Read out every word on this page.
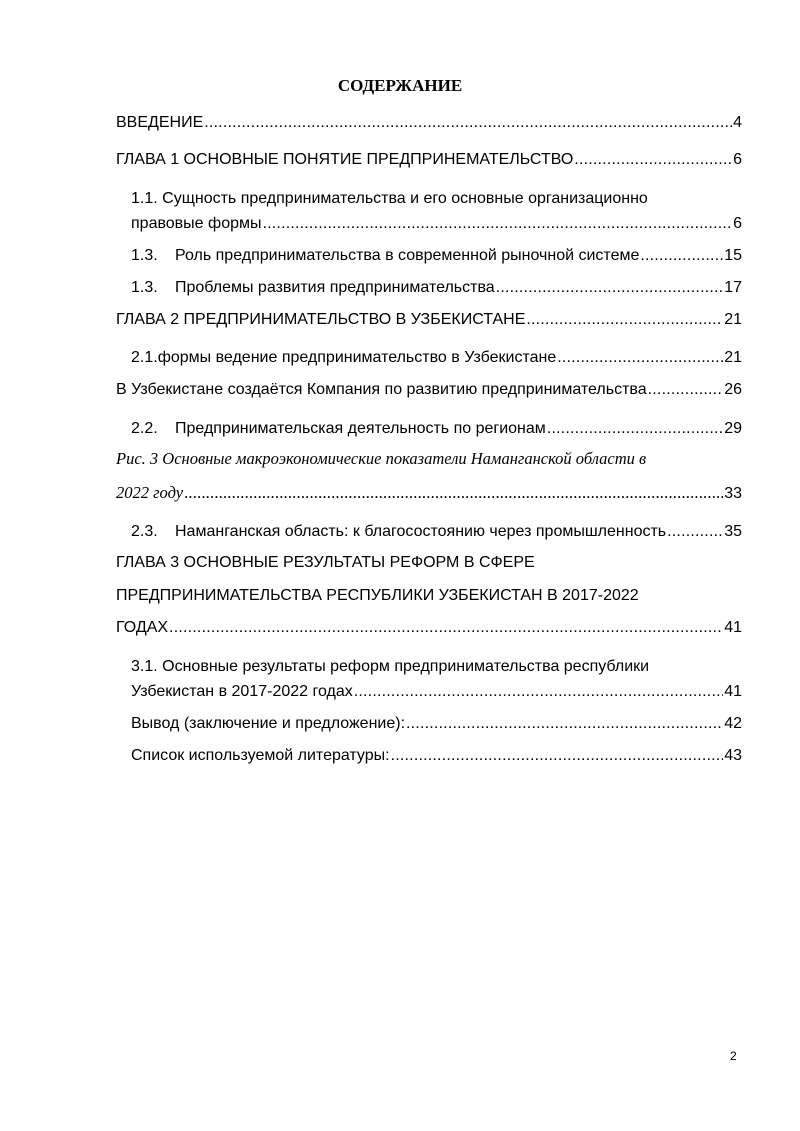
СОДЕРЖАНИЕ
ВВЕДЕНИЕ .....	4
ГЛАВА 1 ОСНОВНЫЕ ПОНЯТИЕ ПРЕДПРИНЕМАТЕЛЬСТВО .....	6
1.1. Сущность предпринимательства и его основные организационно
правовые формы .....	6
1.3.	Роль предпринимательства в современной рыночной системе .....	15
1.3.	Проблемы развития предпринимательства .....	17
ГЛАВА 2 ПРЕДПРИНИМАТЕЛЬСТВО В УЗБЕКИСТАНЕ .....	21
2.1.формы ведение предпринимательство в Узбекистане .....	21
В Узбекистане создаётся Компания по развитию предпринимательства .....	26
2.2.	Предпринимательская деятельность по регионам .....	29
Рис. 3 Основные макроэкономические показатели Наманганской области в
2022 году .....	33
2.3.	Наманганская область: к благосостоянию через промышленность .....	35
ГЛАВА 3 ОСНОВНЫЕ РЕЗУЛЬТАТЫ РЕФОРМ В СФЕРЕ
ПРЕДПРИНИМАТЕЛЬСТВА РЕСПУБЛИКИ УЗБЕКИСТАН В 2017-2022
ГОДАХ .....	41
3.1. Основные результаты реформ предпринимательства республики
Узбекистан в 2017-2022 годах .....	41
Вывод (заключение и предложение): .....	42
Список используемой литературы: .....	43
2
